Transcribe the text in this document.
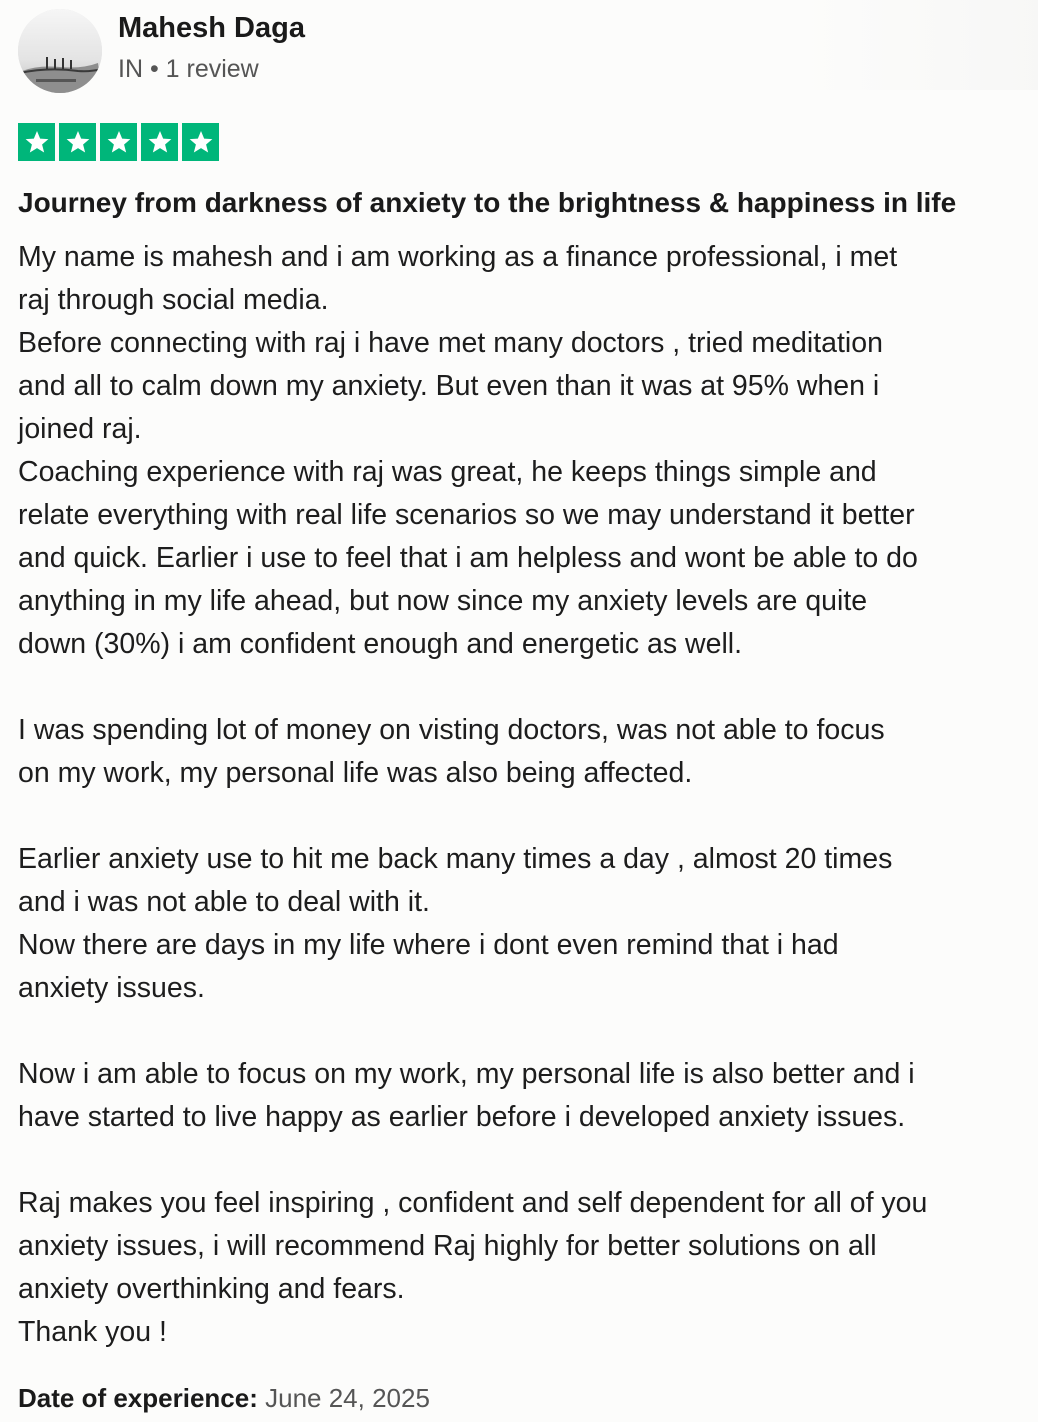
Mahesh Daga
IN • 1 review
Journey from darkness of anxiety to the brightness & happiness in life

My name is mahesh and i am working as a finance professional, i met
raj through social media.
Before connecting with raj i have met many doctors , tried meditation
and all to calm down my anxiety. But even than it was at 95% when i
joined raj.
Coaching experience with raj was great, he keeps things simple and
relate everything with real life scenarios so we may understand it better
and quick. Earlier i use to feel that i am helpless and wont be able to do
anything in my life ahead, but now since my anxiety levels are quite
down (30%) i am confident enough and energetic as well.

I was spending lot of money on visting doctors, was not able to focus
on my work, my personal life was also being affected.

Earlier anxiety use to hit me back many times a day , almost 20 times
and i was not able to deal with it.
Now there are days in my life where i dont even remind that i had
anxiety issues.

Now i am able to focus on my work, my personal life is also better and i
have started to live happy as earlier before i developed anxiety issues.

Raj makes you feel inspiring , confident and self dependent for all of you
anxiety issues, i will recommend Raj highly for better solutions on all
anxiety overthinking and fears.
Thank you !

Date of experience: June 24, 2025
